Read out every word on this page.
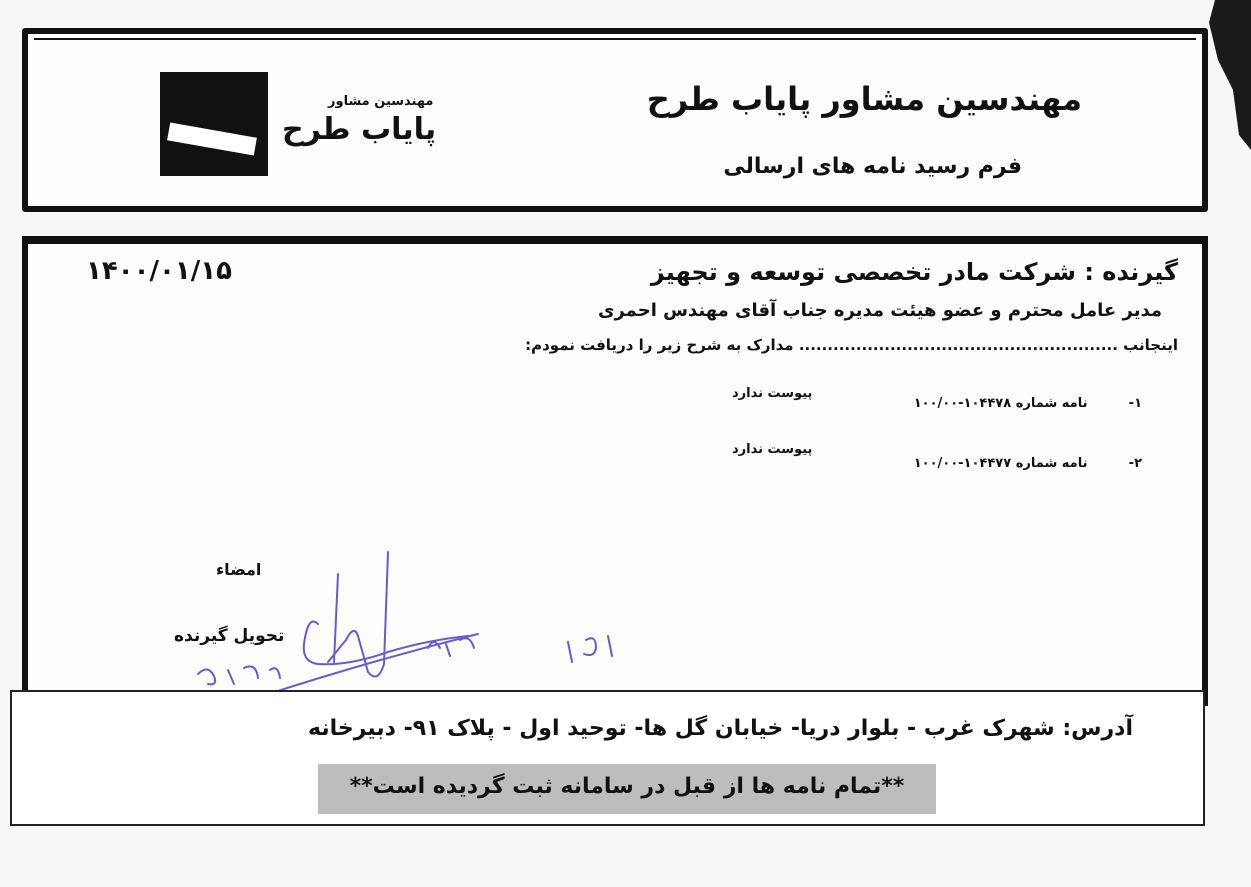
مهندسین مشاور پایاب طرح
فرم رسید نامه های ارسالی
مهندسین مشاور
پایاب طرح
۱۴۰۰/۰۱/۱۵	گیرنده : شرکت مادر تخصصی توسعه و تجهیز
مدیر عامل محترم و عضو هیئت مدیره جناب آقای مهندس احمری
اینجانب ........................................................ مدارک به شرح زیر را دریافت نمودم:
۱- نامه شماره ۱۰۰/۰۰-۱۰۴۴۷۸
پیوست ندارد
۲- نامه شماره ۱۰۰/۰۰-۱۰۴۴۷۷
پیوست ندارد
امضاء
تحویل گیرنده
آدرس: شهرک غرب - بلوار دریا- خیابان گل ها- توحید اول - پلاک ۹۱- دبیرخانه
**تمام نامه ها از قبل در سامانه ثبت گردیده است**
